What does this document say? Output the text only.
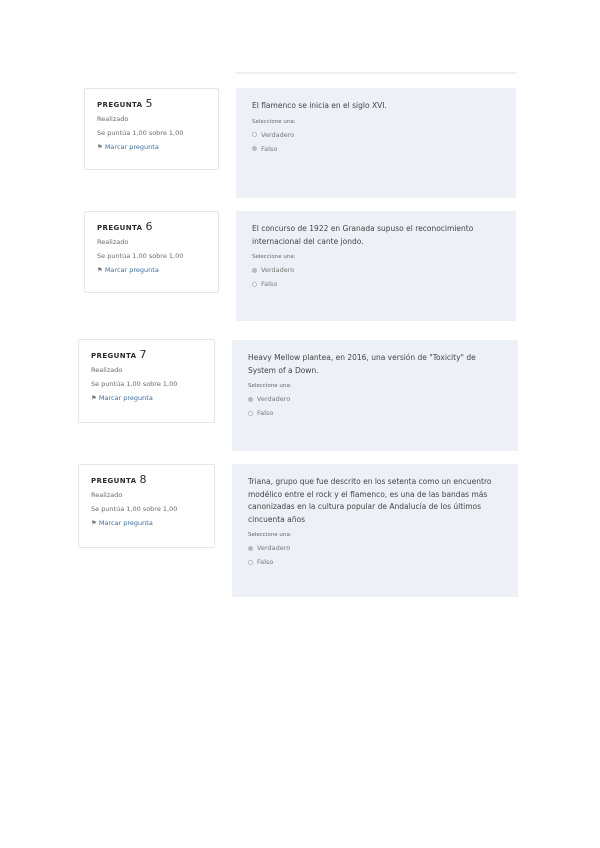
PREGUNTA 5
Realizado
Se puntúa 1,00 sobre 1,00
⚑ Marcar pregunta
El flamenco se inicia en el siglo XVI.
Seleccione una:
Verdadero
Falso
PREGUNTA 6
Realizado
Se puntúa 1,00 sobre 1,00
⚑ Marcar pregunta
El concurso de 1922 en Granada supuso el reconocimiento internacional del cante jondo.
Seleccione una:
Verdadero
Falso
PREGUNTA 7
Realizado
Se puntúa 1,00 sobre 1,00
⚑ Marcar pregunta
Heavy Mellow plantea, en 2016, una versión de "Toxicity" de System of a Down.
Seleccione una:
Verdadero
Falso
PREGUNTA 8
Realizado
Se puntúa 1,00 sobre 1,00
⚑ Marcar pregunta
Triana, grupo que fue descrito en los setenta como un encuentro modélico entre el rock y el flamenco, es una de las bandas más canonizadas en la cultura popular de Andalucía de los últimos cincuenta años
Seleccione una:
Verdadero
Falso
